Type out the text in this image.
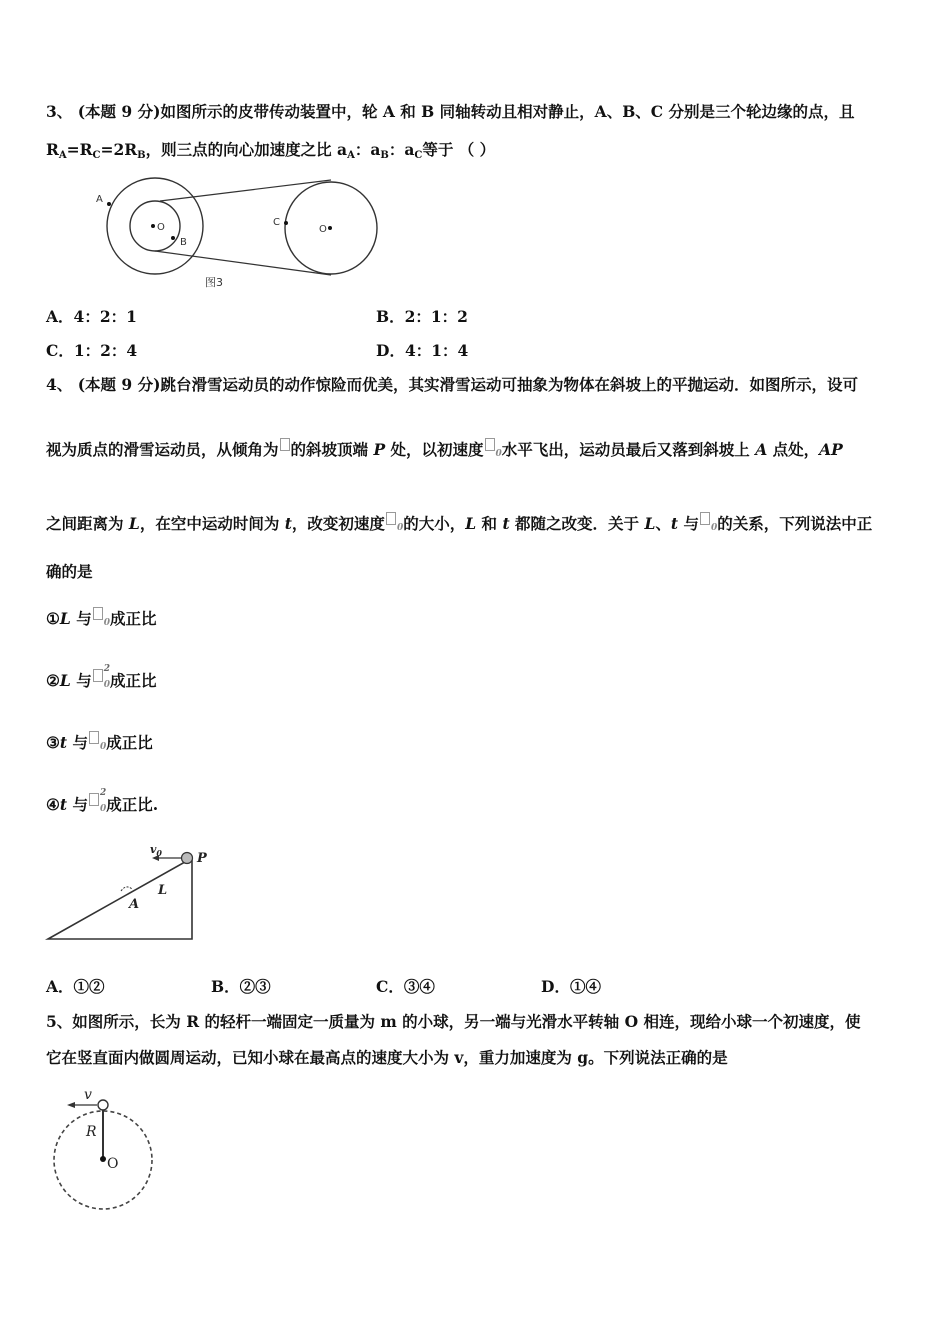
3、 (本题 9 分)如图所示的皮带传动装置中，轮 A 和 B 同轴转动且相对静止，A、B、C 分别是三个轮边缘的点，且
$R_A=R_C=2R_B$，则三点的向心加速度之比 $a_A$：$a_B$：$a_C$等于 （ ）
A
O
B
C
O
图3
A．4：2：1	B．2：1：2
C．1：2：4	D．4：1：4
4、 (本题 9 分)跳台滑雪运动员的动作惊险而优美，其实滑雪运动可抽象为物体在斜坡上的平抛运动．如图所示，设可
视为质点的滑雪运动员，从倾角为 的斜坡顶端 P 处，以初速度 0水平飞出，运动员最后又落到斜坡上 A 点处，AP
之间距离为 L，在空中运动时间为 t，改变初速度 0的大小，L 和 t 都随之改变．关于 L、t 与 0的关系，下列说法中正
确的是
①L 与 0成正比
②L 与
2
0成正比
③t 与 0成正比
④t 与
2
0成正比.
$v_0$	P
L
A
A．①②	B．②③	C．③④	D．①④
5、如图所示，长为 R 的轻杆一端固定一质量为 m 的小球，另一端与光滑水平转轴 O 相连，现给小球一个初速度，使
它在竖直面内做圆周运动，已知小球在最高点的速度大小为 v，重力加速度为 g。下列说法正确的是
v
R
O
